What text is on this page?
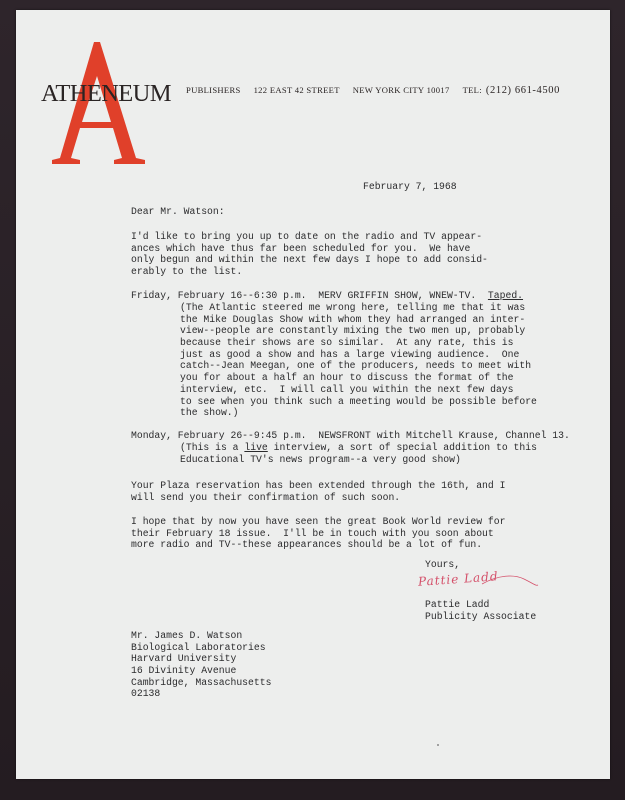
ATHENEUM PUBLISHERS 122 EAST 42 STREET NEW YORK CITY 10017 TEL: (212) 661-4500
February 7, 1968
Dear Mr. Watson:
I'd like to bring you up to date on the radio and TV appear-
ances which have thus far been scheduled for you.  We have
only begun and within the next few days I hope to add consid-
erably to the list.
Friday, February 16--6:30 p.m.  MERV GRIFFIN SHOW, WNEW-TV.  Taped.
(The Atlantic steered me wrong here, telling me that it was
the Mike Douglas Show with whom they had arranged an inter-
view--people are constantly mixing the two men up, probably
because their shows are so similar.  At any rate, this is
just as good a show and has a large viewing audience.  One
catch--Jean Meegan, one of the producers, needs to meet with
you for about a half an hour to discuss the format of the
interview, etc.  I will call you within the next few days
to see when you think such a meeting would be possible before
the show.)
Monday, February 26--9:45 p.m.  NEWSFRONT with Mitchell Krause, Channel 13.
(This is a live interview, a sort of special addition to this
Educational TV's news program--a very good show)
Your Plaza reservation has been extended through the 16th, and I
will send you their confirmation of such soon.
I hope that by now you have seen the great Book World review for
their February 18 issue.  I'll be in touch with you soon about
more radio and TV--these appearances should be a lot of fun.
Yours,
Pattie Ladd
Pattie Ladd
Publicity Associate
Mr. James D. Watson
Biological Laboratories
Harvard University
16 Divinity Avenue
Cambridge, Massachusetts
02138
